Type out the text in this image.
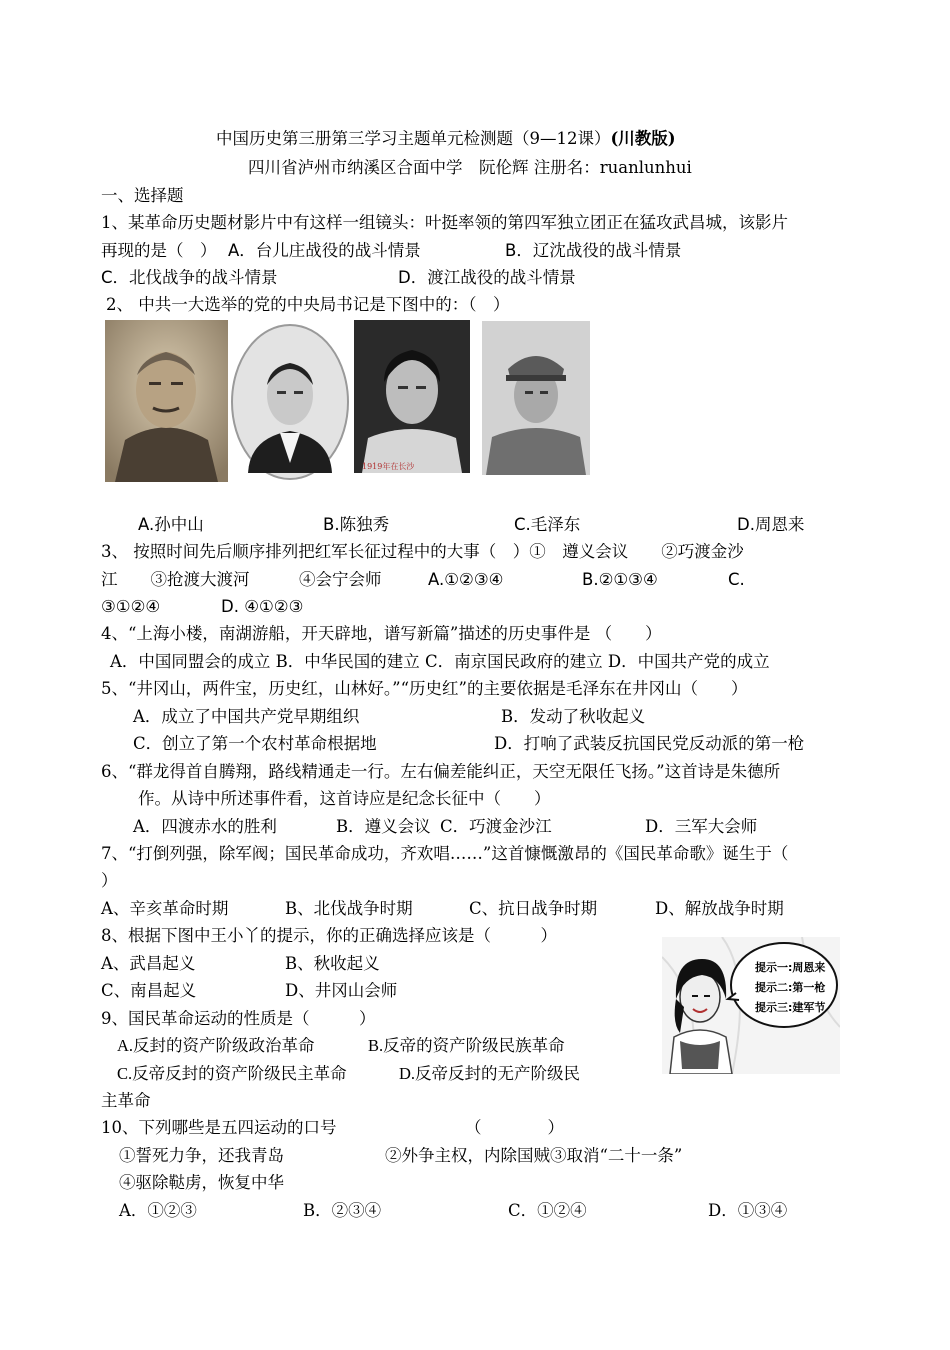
中国历史第三册第三学习主题单元检测题（9—12课）(川教版)
四川省泸州市纳溪区合面中学　阮伦辉 注册名：ruanlunhui
一、选择题
1、某革命历史题材影片中有这样一组镜头：叶挺率领的第四军独立团正在猛攻武昌城，该影片
再现的是（　） A．台儿庄战役的战斗情景	B．辽沈战役的战斗情景
C．北伐战争的战斗情景	D．渡江战役的战斗情景
2、 中共一大选举的党的中央局书记是下图中的：（　）
1919年在长沙
A.孙中山	B.陈独秀	C.毛泽东	D.周恩来
3、 按照时间先后顺序排列把红军长征过程中的大事（　）①　遵义会议　　②巧渡金沙
江　　③抢渡大渡河　　　④会宁会师	A.①②③④	B.②①③④	C.
③①②④	D. ④①②③
4、“上海小楼，南湖游船，开天辟地，谱写新篇”描述的历史事件是 （　　）
A．中国同盟会的成立 B．中华民国的建立 C．南京国民政府的建立 D．中国共产党的成立
5、“井冈山，两件宝，历史红，山林好。”“历史红”的主要依据是毛泽东在井冈山（　　）
A．成立了中国共产党早期组织	B．发动了秋收起义
C．创立了第一个农村革命根据地	D．打响了武装反抗国民党反动派的第一枪
6、“群龙得首自腾翔，路线精通走一行。左右偏差能纠正，天空无限任飞扬。”这首诗是朱德所
作。从诗中所述事件看，这首诗应是纪念长征中（　　）
A．四渡赤水的胜利	B．遵义会议 C．巧渡金沙江	D．三军大会师
7、“打倒列强，除军阀；国民革命成功，齐欢唱……”这首慷慨激昂的《国民革命歌》诞生于（
）
A、辛亥革命时期	B、北伐战争时期	C、抗日战争时期	D、解放战争时期
8、根据下图中王小丫的提示，你的正确选择应该是（　　　）
A、武昌起义	B、秋收起义
C、南昌起义	D、井冈山会师
提示一:周恩来
提示二:第一枪
提示三:建军节
9、国民革命运动的性质是（　　　）
A.反封的资产阶级政治革命	B.反帝的资产阶级民族革命
C.反帝反封的资产阶级民主革命	D.反帝反封的无产阶级民
主革命
10、下列哪些是五四运动的口号	（　　　　）
①誓死力争，还我青岛	②外争主权，内除国贼③取消“二十一条”
④驱除鞑虏，恢复中华
A．①②③	B．②③④	C．①②④	D．①③④
